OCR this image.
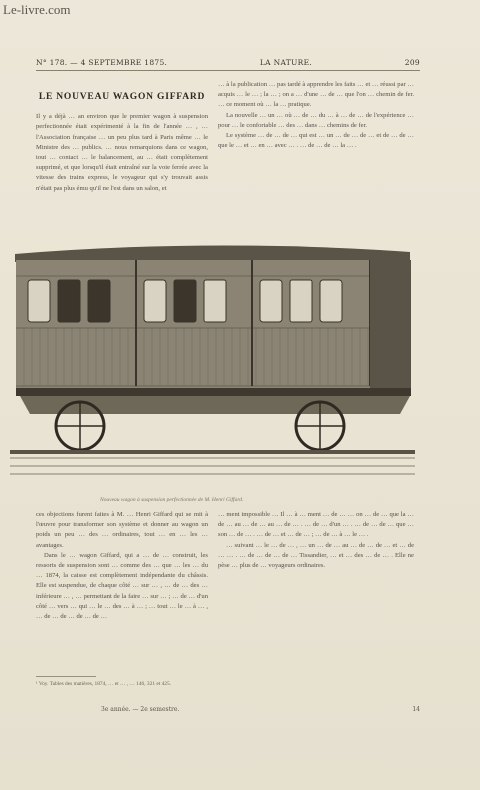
Le-livre.com
N° 178. — 4 SEPTEMBRE 1875.	LA NATURE.	209
LE NOUVEAU WAGON GIFFARD

Il y a déjà … an environ que le premier wagon à suspension perfectionnée était expérimenté à la fin de l'année … , … l'Association française … un peu plus tard à Paris même … le Ministre des … publics. … nous remarquions dans ce wagon, tout … contact … le balancement, au … était complètement supprimé, et que lorsqu'il était entraîné sur la voie ferrée avec la vitesse des trains express, le voyageur qui s'y trouvait assis n'était pas plus ému qu'il ne l'est dans un salon, et

… à la publication … pas tardé à apprendre les faits … et … réussi par … acquis … le … ; la … ; on a … d'une … de … que l'on … chemin de fer. … ce moment où … la … pratique.

La nouvelle … un … où … de … du … à … de … de l'expérience … pour … le confortable … des … dans … chemins de fer.

Le système … de … de … qui est … un … de … de … et de … de … que le … et … en … avec … . … de … de … la … .

Nouveau wagon à suspension perfectionnée de M. Henri Giffard.

ces objections furent faites à M. … Henri Giffard qui se mit à l'œuvre pour transformer son système et donner au wagon un poids un peu … des … ordinaires, tout … en … les … avantages.

Dans le … wagon Giffard, qui a … de … construit, les ressorts de suspension sont … comme des … que … les … du … 1874, la caisse est complètement indépendante du châssis. Elle est suspendue, de chaque côté … sur … , … de … des … inférieure … , … permettant de la faire … sur … ; … de … d'un côté … vers … qui … le … des … à … ; … tout … le … à … , … de … de … de … de …

… ment impossible … Il … à … ment … de … … on … de … que la … de … au … de … au … de … . … de … d'un … . … de … de … que … son … de … . … de … et … de … ; … de … à … le … .

… suivant … le … de … , … un … de … au … de … de … et … de … … . … de … de … de … Tissandier, … et … des … de … . Elle ne pèse … plus de … voyageurs ordinaires.

¹ Voy. Tables des matières, 1874, … et … , … 146, 321 et 425.
3e année. — 2e semestre.	14
